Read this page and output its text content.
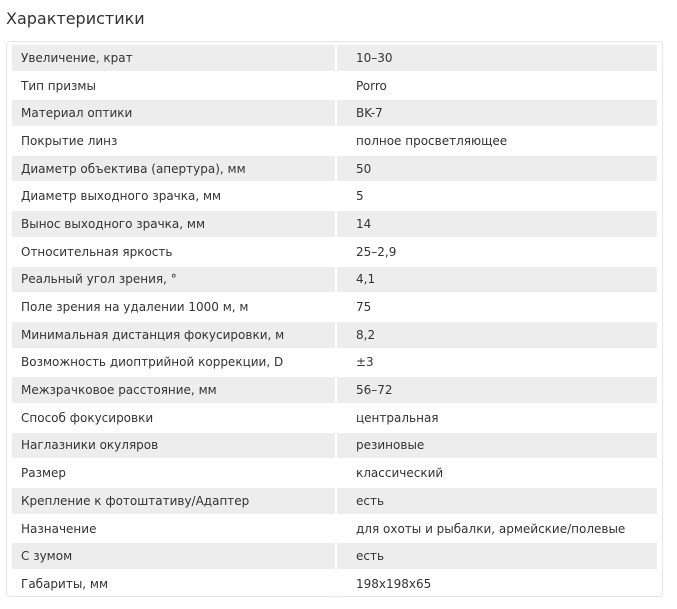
Характеристики
Увеличение, крат	10–30
Тип призмы	Porro
Материал оптики	BK-7
Покрытие линз	полное просветляющее
Диаметр объектива (апертура), мм	50
Диаметр выходного зрачка, мм	5
Вынос выходного зрачка, мм	14
Относительная яркость	25–2,9
Реальный угол зрения, °	4,1
Поле зрения на удалении 1000 м, м	75
Минимальная дистанция фокусировки, м	8,2
Возможность диоптрийной коррекции, D	±3
Межзрачковое расстояние, мм	56–72
Способ фокусировки	центральная
Наглазники окуляров	резиновые
Размер	классический
Крепление к фотоштативу/Адаптер	есть
Назначение	для охоты и рыбалки, армейские/полевые
С зумом	есть
Габариты, мм	198x198x65
